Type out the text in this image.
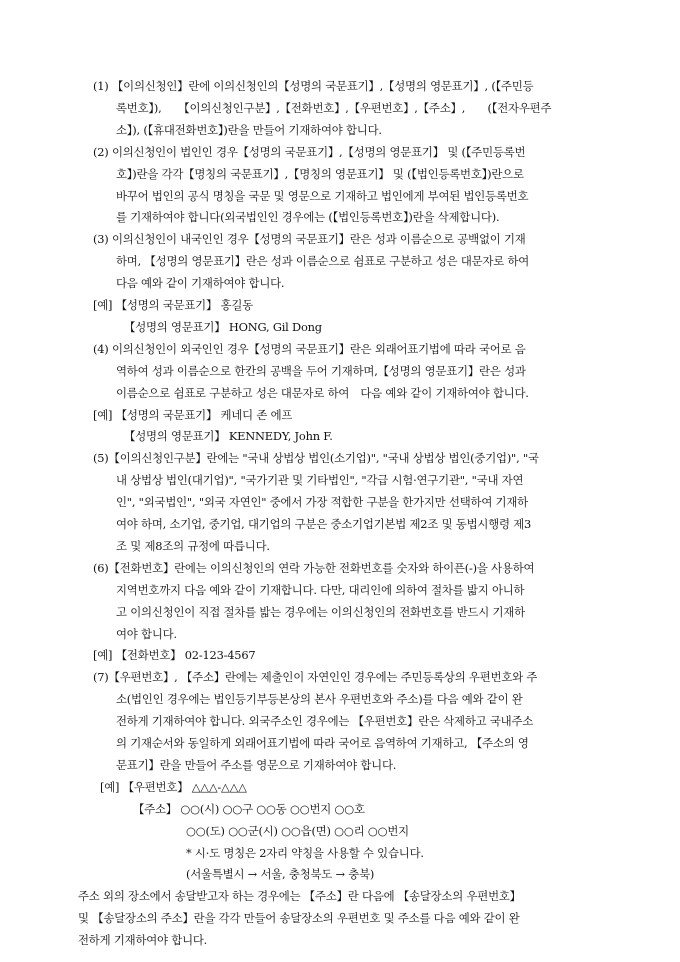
(1) 【이의신청인】란에 이의신청인의【성명의 국문표기】,【성명의 영문표기】, (【주민등
록번호】),　　【이의신청인구분】,【전화번호】,【우편번호】,【주소】,　　(【전자우편주
소】), (【휴대전화번호】)란을 만들어 기재하여야 합니다.
(2) 이의신청인이 법인인 경우【성명의 국문표기】,【성명의 영문표기】 및 (【주민등록번
호】)란을 각각【명칭의 국문표기】,【명칭의 영문표기】 및 (【법인등록번호】)란으로
바꾸어 법인의 공식 명칭을 국문 및 영문으로 기재하고 법인에게 부여된 법인등록번호
를 기재하여야 합니다(외국법인인 경우에는 (【법인등록번호】)란을 삭제합니다).
(3) 이의신청인이 내국인인 경우【성명의 국문표기】란은 성과 이름순으로 공백없이 기재
하며, 【성명의 영문표기】란은 성과 이름순으로 쉼표로 구분하고 성은 대문자로 하여
다음 예와 같이 기재하여야 합니다.
[예] 【성명의 국문표기】 홍길동
【성명의 영문표기】 HONG, Gil Dong
(4) 이의신청인이 외국인인 경우【성명의 국문표기】란은 외래어표기법에 따라 국어로 음
역하여 성과 이름순으로 한칸의 공백을 두어 기재하며,【성명의 영문표기】란은 성과
이름순으로 쉼표로 구분하고 성은 대문자로 하여　다음 예와 같이 기재하여야 합니다.
[예] 【성명의 국문표기】 케네디 존 에프
【성명의 영문표기】 KENNEDY, John F.
(5)【이의신청인구분】란에는 "국내 상법상 법인(소기업)", "국내 상법상 법인(중기업)", "국
내 상법상 법인(대기업)", "국가기관 및 기타법인", "각급 시험·연구기관", "국내 자연
인", "외국법인", "외국 자연인" 중에서 가장 적합한 구분을 한가지만 선택하여 기재하
여야 하며, 소기업, 중기업, 대기업의 구분은 중소기업기본법 제2조 및 동법시행령 제3
조 및 제8조의 규정에 따릅니다.
(6)【전화번호】란에는 이의신청인의 연락 가능한 전화번호를 숫자와 하이픈(-)을 사용하여
지역번호까지 다음 예와 같이 기재합니다. 다만, 대리인에 의하여 절차를 밟지 아니하
고 이의신청인이 직접 절차를 밟는 경우에는 이의신청인의 전화번호를 반드시 기재하
여야 합니다.
[예] 【전화번호】 02-123-4567
(7)【우편번호】, 【주소】란에는 제출인이 자연인인 경우에는 주민등록상의 우편번호와 주
소(법인인 경우에는 법인등기부등본상의 본사 우편번호와 주소)를 다음 예와 같이 완
전하게 기재하여야 합니다. 외국주소인 경우에는 【우편번호】란은 삭제하고 국내주소
의 기재순서와 동일하게 외래어표기법에 따라 국어로 음역하여 기재하고, 【주소의 영
문표기】란을 만들어 주소를 영문으로 기재하여야 합니다.
[예] 【우편번호】 △△△-△△△
【주소】 ○○(시) ○○구 ○○동 ○○번지 ○○호
○○(도) ○○군(시) ○○읍(면) ○○리 ○○번지
* 시·도 명칭은 2자리 약칭을 사용할 수 있습니다.
(서울특별시 → 서울, 충청북도 → 충북)
주소 외의 장소에서 송달받고자 하는 경우에는 【주소】란 다음에 【송달장소의 우편번호】
및 【송달장소의 주소】란을 각각 만들어 송달장소의 우편번호 및 주소를 다음 예와 같이 완
전하게 기재하여야 합니다.
